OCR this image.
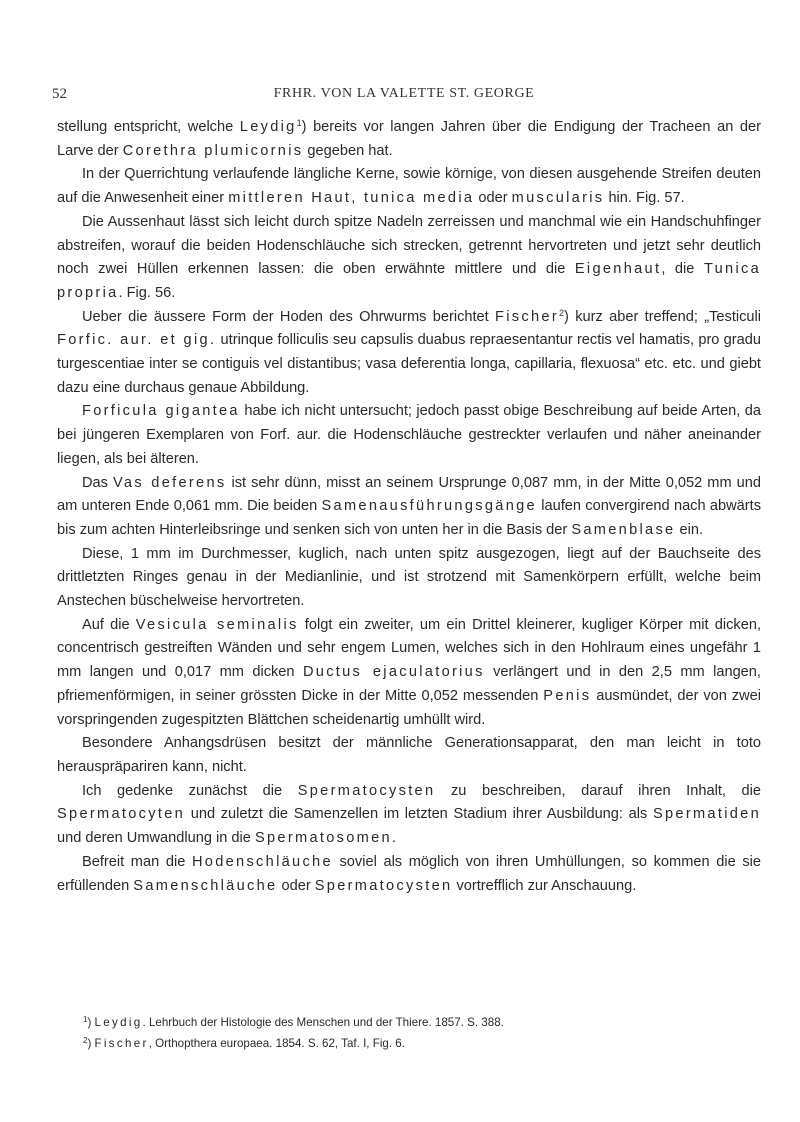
52	FRHR. VON LA VALETTE ST. GEORGE

stellung entspricht, welche Leydig$^1$) bereits vor langen Jahren über die Endigung der Tracheen an der Larve der Corethra plumicornis gegeben hat.

In der Querrichtung verlaufende längliche Kerne, sowie körnige, von diesen ausgehende Streifen deuten auf die Anwesenheit einer mittleren Haut, tunica media oder muscularis hin. Fig. 57.

Die Aussenhaut lässt sich leicht durch spitze Nadeln zerreissen und manchmal wie ein Handschuhfinger abstreifen, worauf die beiden Hodenschläuche sich strecken, getrennt hervortreten und jetzt sehr deutlich noch zwei Hüllen erkennen lassen: die oben erwähnte mittlere und die Eigenhaut, die Tunica propria. Fig. 56.

Ueber die äussere Form der Hoden des Ohrwurms berichtet Fischer$^2$) kurz aber treffend; „Testiculi Forfic. aur. et gig. utrinque folliculis seu capsulis duabus repraesentantur rectis vel hamatis, pro gradu turgescentiae inter se contiguis vel distantibus; vasa deferentia longa, capillaria, flexuosa“ etc. etc. und giebt dazu eine durchaus genaue Abbildung.

Forficula gigantea habe ich nicht untersucht; jedoch passt obige Beschreibung auf beide Arten, da bei jüngeren Exemplaren von Forf. aur. die Hodenschläuche gestreckter verlaufen und näher aneinander liegen, als bei älteren.

Das Vas deferens ist sehr dünn, misst an seinem Ursprunge 0,087 mm, in der Mitte 0,052 mm und am unteren Ende 0,061 mm. Die beiden Samenausführungsgänge laufen convergirend nach abwärts bis zum achten Hinterleibsringe und senken sich von unten her in die Basis der Samenblase ein.

Diese, 1 mm im Durchmesser, kuglich, nach unten spitz ausgezogen, liegt auf der Bauchseite des drittletzten Ringes genau in der Medianlinie, und ist strotzend mit Samenkörpern erfüllt, welche beim Anstechen büschelweise hervortreten.

Auf die Vesicula seminalis folgt ein zweiter, um ein Drittel kleinerer, kugliger Körper mit dicken, concentrisch gestreiften Wänden und sehr engem Lumen, welches sich in den Hohlraum eines ungefähr 1 mm langen und 0,017 mm dicken Ductus ejaculatorius verlängert und in den 2,5 mm langen, pfriemenförmigen, in seiner grössten Dicke in der Mitte 0,052 messenden Penis ausmündet, der von zwei vorspringenden zugespitzten Blättchen scheidenartig umhüllt wird.

Besondere Anhangsdrüsen besitzt der männliche Generationsapparat, den man leicht in toto herauspräpariren kann, nicht.

Ich gedenke zunächst die Spermatocysten zu beschreiben, darauf ihren Inhalt, die Spermatocyten und zuletzt die Samenzellen im letzten Stadium ihrer Ausbildung: als Spermatiden und deren Umwandlung in die Spermatosomen.

Befreit man die Hodenschläuche soviel als möglich von ihren Umhüllungen, so kommen die sie erfüllenden Samenschläuche oder Spermatocysten vortrefflich zur Anschauung.

$^1$) Leydig. Lehrbuch der Histologie des Menschen und der Thiere. 1857. S. 388.
$^2$) Fischer, Orthopthera europaea. 1854. S. 62, Taf. I, Fig. 6.
